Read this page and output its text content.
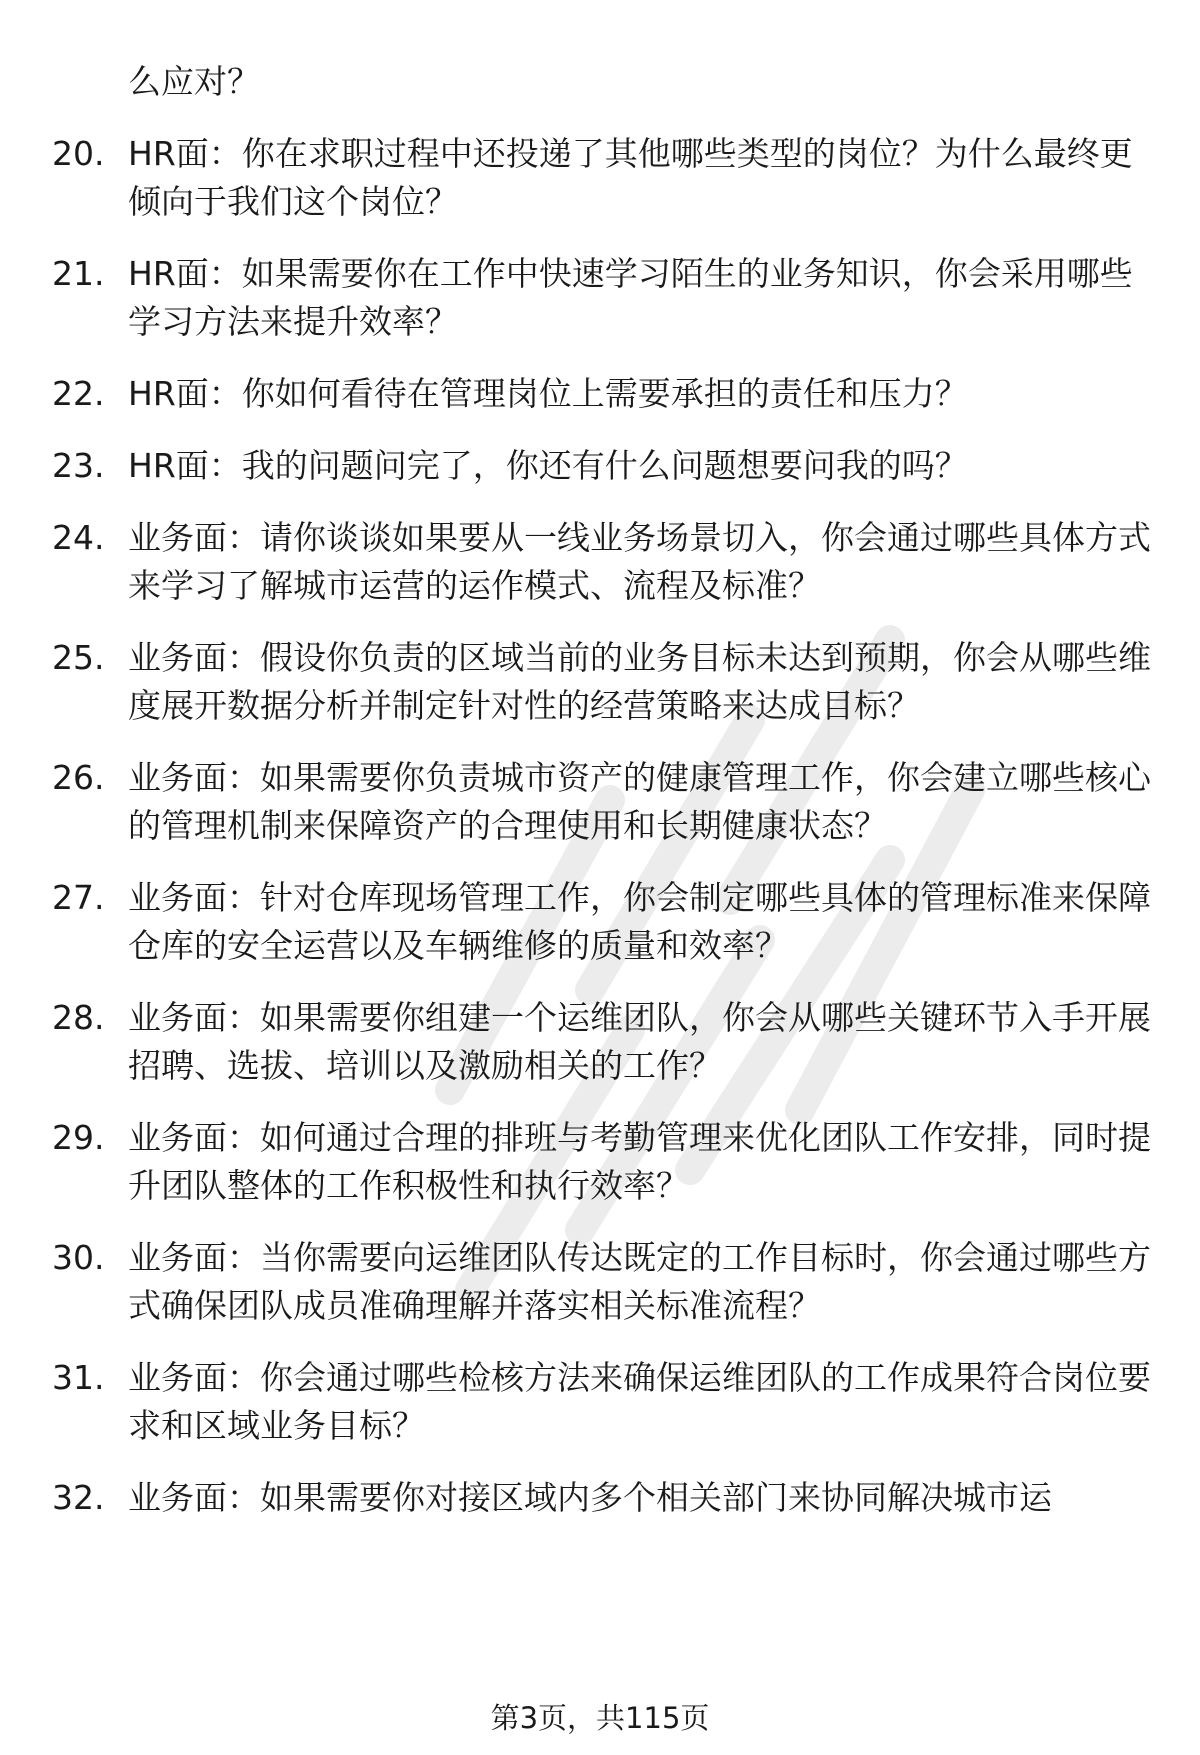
么应对？
20. HR面：你在求职过程中还投递了其他哪些类型的岗位？为什么最终更倾向于我们这个岗位？
21. HR面：如果需要你在工作中快速学习陌生的业务知识，你会采用哪些学习方法来提升效率？
22. HR面：你如何看待在管理岗位上需要承担的责任和压力？
23. HR面：我的问题问完了，你还有什么问题想要问我的吗？
24. 业务面：请你谈谈如果要从一线业务场景切入，你会通过哪些具体方式来学习了解城市运营的运作模式、流程及标准？
25. 业务面：假设你负责的区域当前的业务目标未达到预期，你会从哪些维度展开数据分析并制定针对性的经营策略来达成目标？
26. 业务面：如果需要你负责城市资产的健康管理工作，你会建立哪些核心的管理机制来保障资产的合理使用和长期健康状态？
27. 业务面：针对仓库现场管理工作，你会制定哪些具体的管理标准来保障仓库的安全运营以及车辆维修的质量和效率？
28. 业务面：如果需要你组建一个运维团队，你会从哪些关键环节入手开展招聘、选拔、培训以及激励相关的工作？
29. 业务面：如何通过合理的排班与考勤管理来优化团队工作安排，同时提升团队整体的工作积极性和执行效率？
30. 业务面：当你需要向运维团队传达既定的工作目标时，你会通过哪些方式确保团队成员准确理解并落实相关标准流程？
31. 业务面：你会通过哪些检核方法来确保运维团队的工作成果符合岗位要求和区域业务目标？
32. 业务面：如果需要你对接区域内多个相关部门来协同解决城市运
第3页，共115页
